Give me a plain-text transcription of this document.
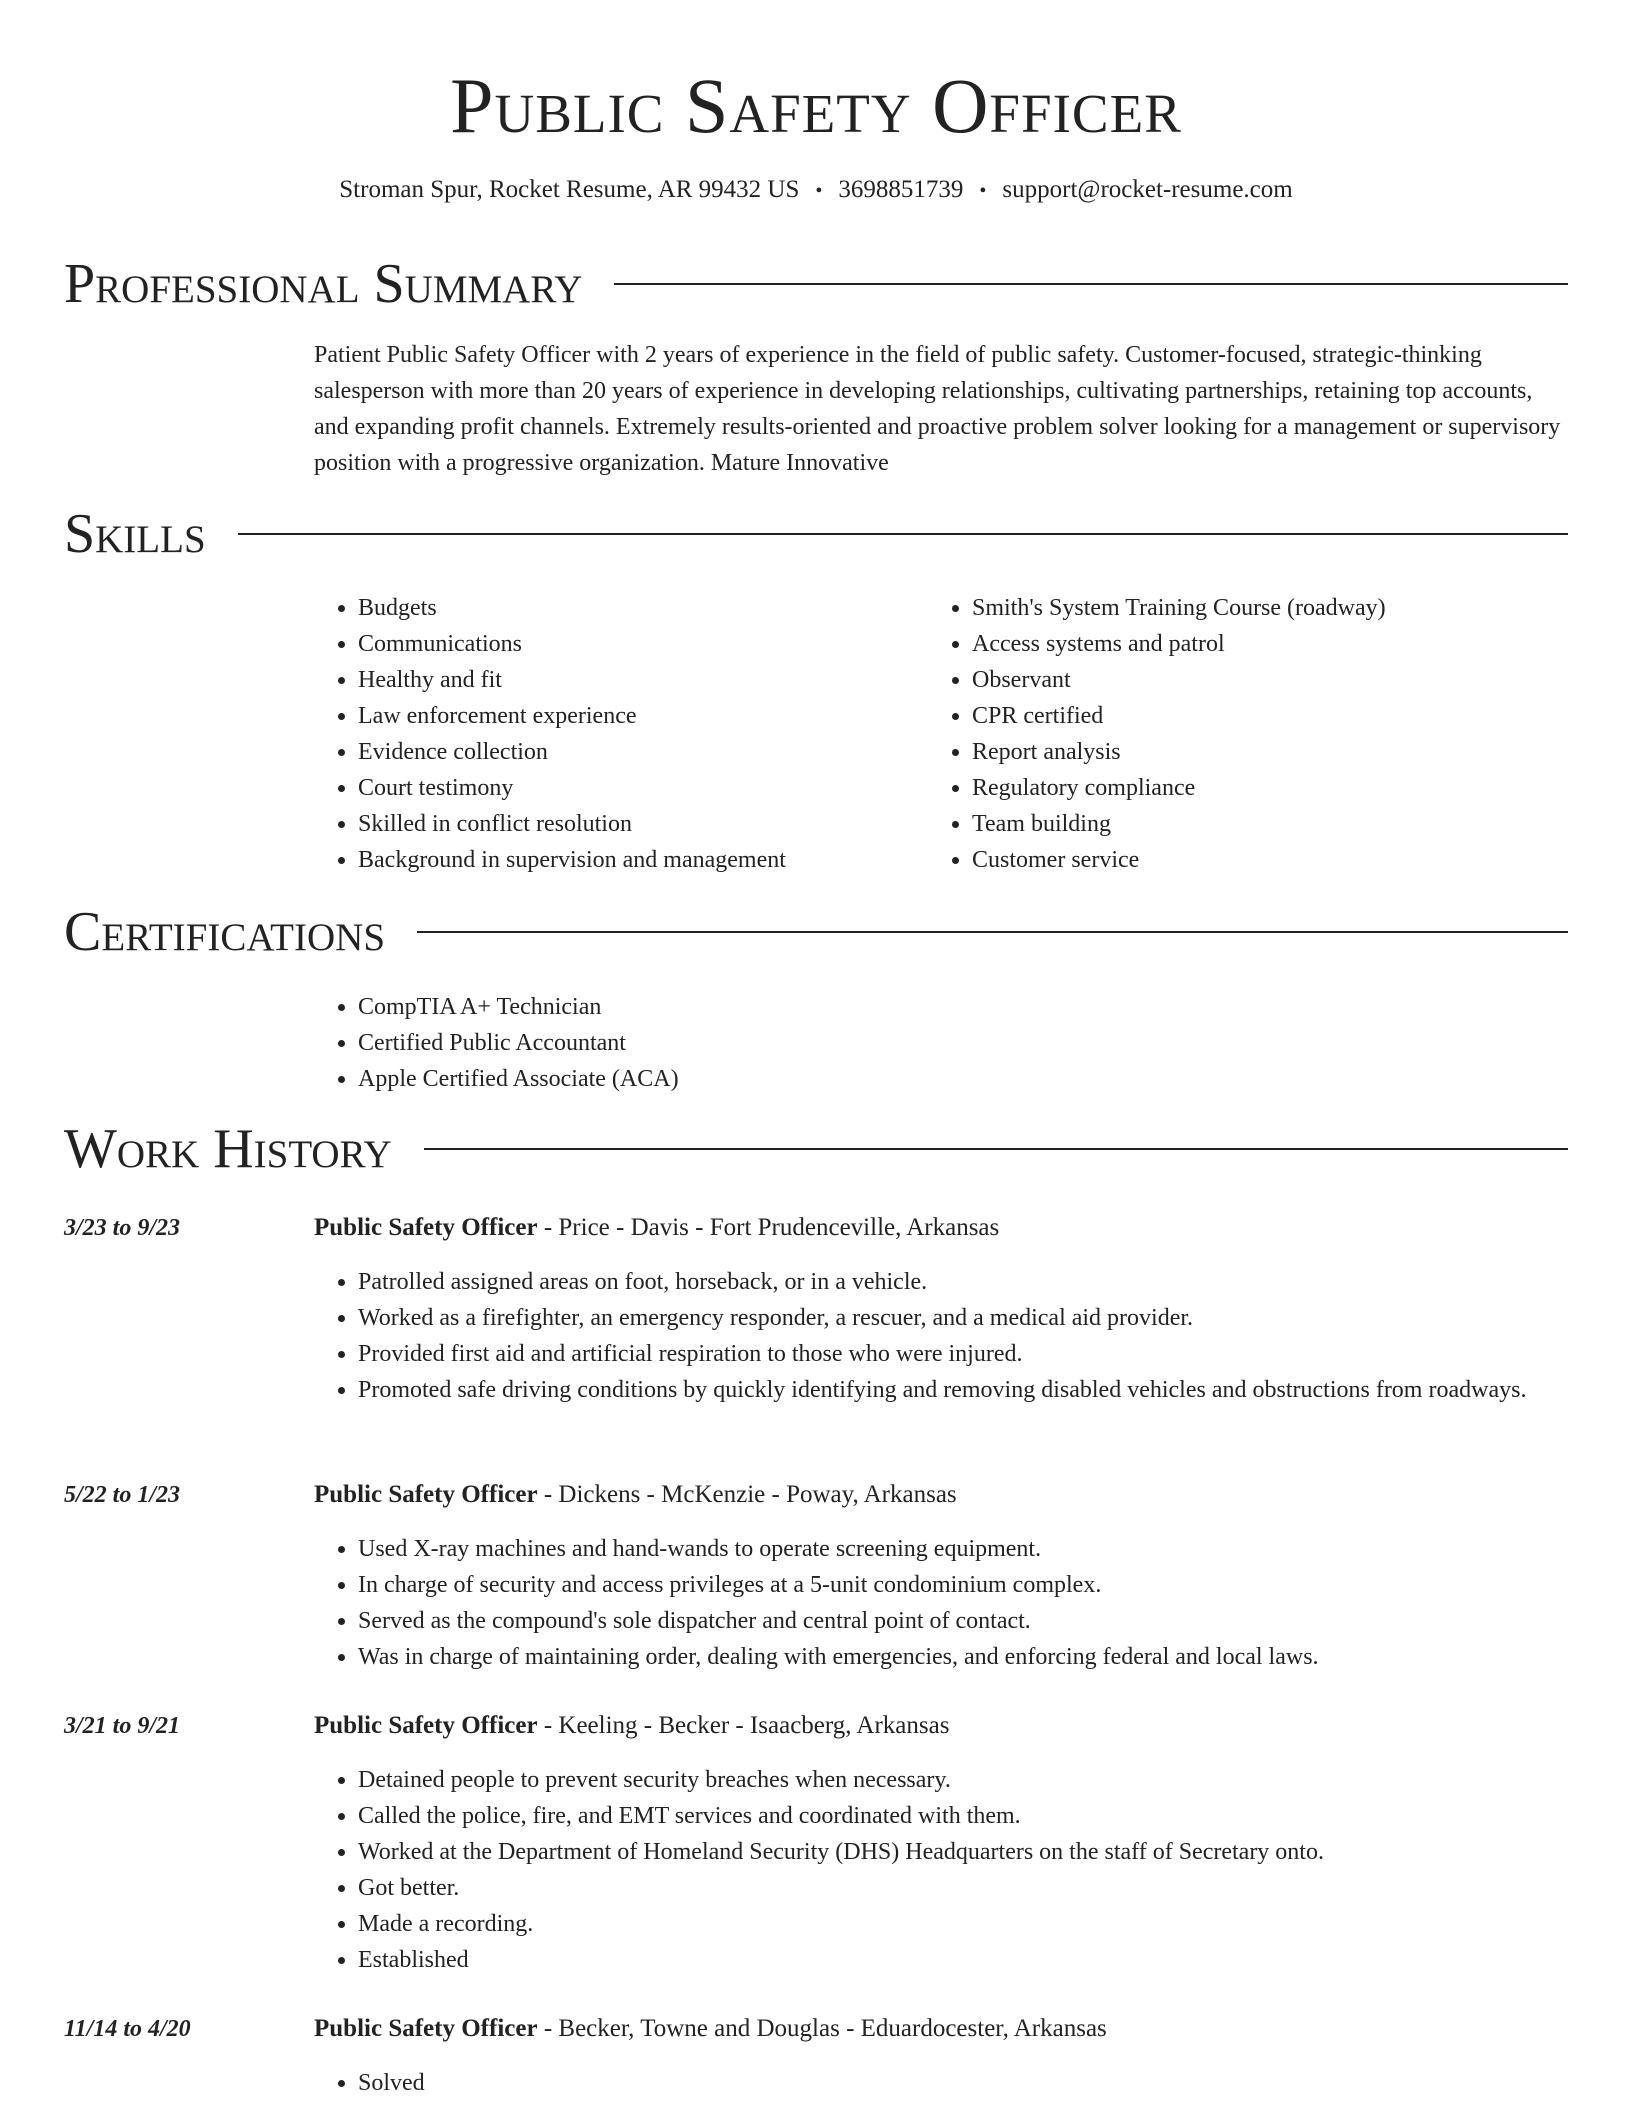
Public Safety Officer
Stroman Spur, Rocket Resume, AR 99432 US • 3698851739 • support@rocket-resume.com
Professional Summary
Patient Public Safety Officer with 2 years of experience in the field of public safety. Customer-focused, strategic-thinking salesperson with more than 20 years of experience in developing relationships, cultivating partnerships, retaining top accounts, and expanding profit channels. Extremely results-oriented and proactive problem solver looking for a management or supervisory position with a progressive organization. Mature Innovative
Skills
• Budgets
• Communications
• Healthy and fit
• Law enforcement experience
• Evidence collection
• Court testimony
• Skilled in conflict resolution
• Background in supervision and management
• Smith's System Training Course (roadway)
• Access systems and patrol
• Observant
• CPR certified
• Report analysis
• Regulatory compliance
• Team building
• Customer service
Certifications
• CompTIA A+ Technician
• Certified Public Accountant
• Apple Certified Associate (ACA)
Work History
3/23 to 9/23	Public Safety Officer - Price - Davis - Fort Prudenceville, Arkansas
• Patrolled assigned areas on foot, horseback, or in a vehicle.
• Worked as a firefighter, an emergency responder, a rescuer, and a medical aid provider.
• Provided first aid and artificial respiration to those who were injured.
• Promoted safe driving conditions by quickly identifying and removing disabled vehicles and obstructions from roadways.
5/22 to 1/23	Public Safety Officer - Dickens - McKenzie - Poway, Arkansas
• Used X-ray machines and hand-wands to operate screening equipment.
• In charge of security and access privileges at a 5-unit condominium complex.
• Served as the compound's sole dispatcher and central point of contact.
• Was in charge of maintaining order, dealing with emergencies, and enforcing federal and local laws.
3/21 to 9/21	Public Safety Officer - Keeling - Becker - Isaacberg, Arkansas
• Detained people to prevent security breaches when necessary.
• Called the police, fire, and EMT services and coordinated with them.
• Worked at the Department of Homeland Security (DHS) Headquarters on the staff of Secretary onto.
• Got better.
• Made a recording.
• Established
11/14 to 4/20	Public Safety Officer - Becker, Towne and Douglas - Eduardocester, Arkansas
• Solved
